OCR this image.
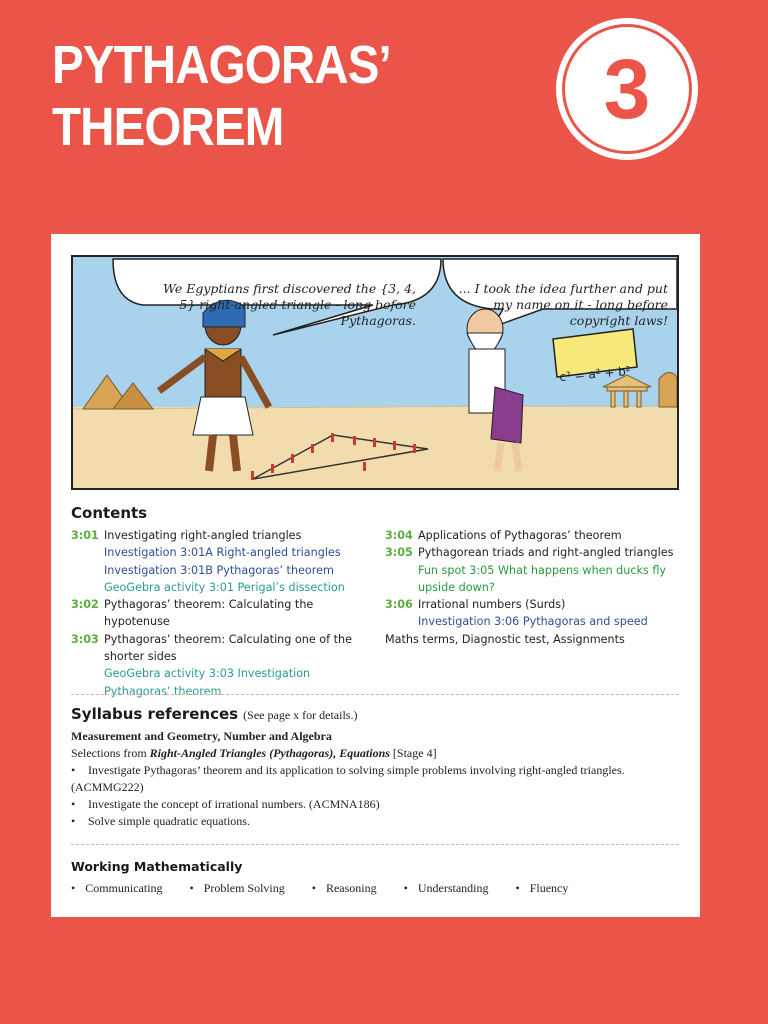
PYTHAGORAS’
THEOREM	3
We Egyptians first discovered the {3, 4, 5} right-angled triangle - long before Pythagoras.
... I took the idea further and put my name on it - long before copyright laws!
c² = a² + b²
Contents
3:01 Investigating right-angled triangles
Investigation 3:01A Right-angled triangles
Investigation 3:01B Pythagoras’ theorem
GeoGebra activity 3:01 Perigal’s dissection
3:02 Pythagoras’ theorem: Calculating the hypotenuse
3:03 Pythagoras’ theorem: Calculating one of the shorter sides
GeoGebra activity 3:03 Investigation Pythagoras’ theorem
3:04 Applications of Pythagoras’ theorem
3:05 Pythagorean triads and right-angled triangles
Fun spot 3:05 What happens when ducks fly upside down?
3:06 Irrational numbers (Surds)
Investigation 3:06 Pythagoras and speed
Maths terms, Diagnostic test, Assignments
Syllabus references (See page x for details.)
Measurement and Geometry, Number and Algebra
Selections from Right-Angled Triangles (Pythagoras), Equations [Stage 4]
•	Investigate Pythagoras’ theorem and its application to solving simple problems involving right-angled triangles.
(ACMMG222)
•	Investigate the concept of irrational numbers. (ACMNA186)
•	Solve simple quadratic equations.
Working Mathematically
• Communicating • Problem Solving • Reasoning • Understanding • Fluency
